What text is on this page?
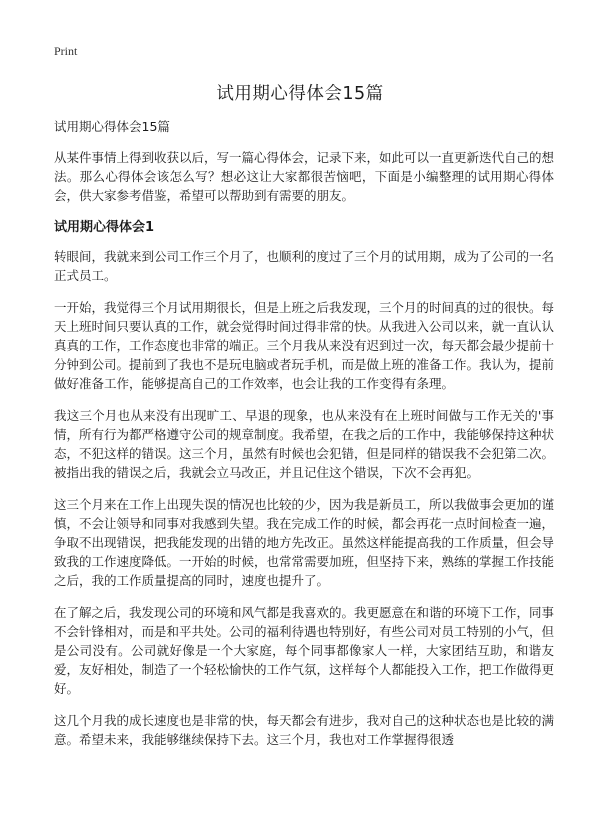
Print
试用期心得体会15篇

试用期心得体会15篇

从某件事情上得到收获以后，写一篇心得体会，记录下来，如此可以一直更新迭代自己的想法。那么心得体会该怎么写？想必这让大家都很苦恼吧，下面是小编整理的试用期心得体会，供大家参考借鉴，希望可以帮助到有需要的朋友。

试用期心得体会1

转眼间，我就来到公司工作三个月了，也顺利的度过了三个月的试用期，成为了公司的一名正式员工。

一开始，我觉得三个月试用期很长，但是上班之后我发现，三个月的时间真的过的很快。每天上班时间只要认真的工作，就会觉得时间过得非常的快。从我进入公司以来，就一直认认真真的工作，工作态度也非常的端正。三个月我从来没有迟到过一次，每天都会最少提前十分钟到公司。提前到了我也不是玩电脑或者玩手机，而是做上班的准备工作。我认为，提前做好准备工作，能够提高自己的工作效率，也会让我的工作变得有条理。

我这三个月也从来没有出现旷工、早退的现象，也从来没有在上班时间做与工作无关的'事情，所有行为都严格遵守公司的规章制度。我希望，在我之后的工作中，我能够保持这种状态，不犯这样的错误。这三个月，虽然有时候也会犯错，但是同样的错误我不会犯第二次。被指出我的错误之后，我就会立马改正，并且记住这个错误，下次不会再犯。

这三个月来在工作上出现失误的情况也比较的少，因为我是新员工，所以我做事会更加的谨慎，不会让领导和同事对我感到失望。我在完成工作的时候，都会再花一点时间检查一遍，争取不出现错误，把我能发现的出错的地方先改正。虽然这样能提高我的工作质量，但会导致我的工作速度降低。一开始的时候，也常常需要加班，但坚持下来，熟练的掌握工作技能之后，我的工作质量提高的同时，速度也提升了。

在了解之后，我发现公司的环境和风气都是我喜欢的。我更愿意在和谐的环境下工作，同事不会针锋相对，而是和平共处。公司的福利待遇也特别好，有些公司对员工特别的小气，但是公司没有。公司就好像是一个大家庭，每个同事都像家人一样，大家团结互助，和谐友爱，友好相处，制造了一个轻松愉快的工作气氛，这样每个人都能投入工作，把工作做得更好。

这几个月我的成长速度也是非常的快，每天都会有进步，我对自己的这种状态也是比较的满意。希望未来，我能够继续保持下去。这三个月，我也对工作掌握得很透
